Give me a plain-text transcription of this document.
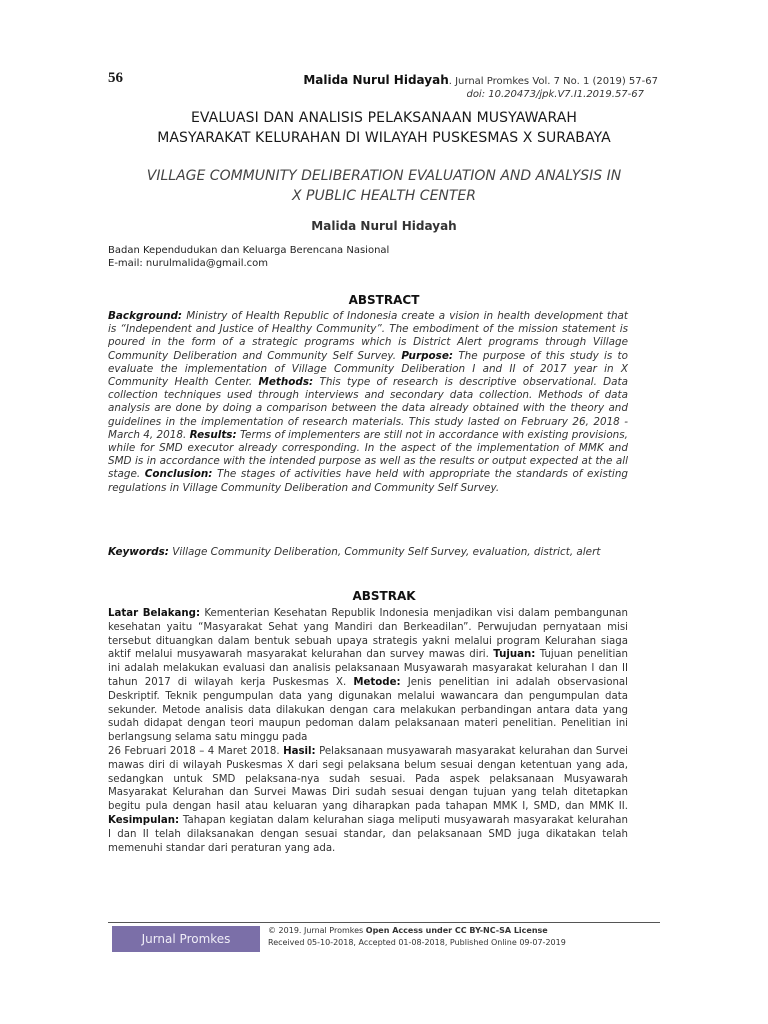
56	Malida Nurul Hidayah. Jurnal Promkes Vol. 7 No. 1 (2019) 57-67
doi: 10.20473/jpk.V7.I1.2019.57-67
EVALUASI DAN ANALISIS PELAKSANAAN MUSYAWARAH
MASYARAKAT KELURAHAN DI WILAYAH PUSKESMAS X SURABAYA
VILLAGE COMMUNITY DELIBERATION EVALUATION AND ANALYSIS IN
X PUBLIC HEALTH CENTER
Malida Nurul Hidayah
Badan Kependudukan dan Keluarga Berencana Nasional
E-mail: nurulmalida@gmail.com
ABSTRACT
Background: Ministry of Health Republic of Indonesia create a vision in health development that is “Independent and Justice of Healthy Community”. The embodiment of the mission statement is poured in the form of a strategic programs which is District Alert programs through Village Community Deliberation and Community Self Survey. Purpose: The purpose of this study is to evaluate the implementation of Village Community Deliberation I and II of 2017 year in X Community Health Center. Methods: This type of research is descriptive observational. Data collection techniques used through interviews and secondary data collection. Methods of data analysis are done by doing a comparison between the data already obtained with the theory and guidelines in the implementation of research materials. This study lasted on February 26, 2018 - March 4, 2018. Results: Terms of implementers are still not in accordance with existing provisions, while for SMD executor already corresponding. In the aspect of the implementation of MMK and SMD is in accordance with the intended purpose as well as the results or output expected at the all stage. Conclusion: The stages of activities have held with appropriate the standards of existing regulations in Village Community Deliberation and Community Self Survey.
Keywords: Village Community Deliberation, Community Self Survey, evaluation, district, alert
ABSTRAK
Latar Belakang: Kementerian Kesehatan Republik Indonesia menjadikan visi dalam pembangunan kesehatan yaitu “Masyarakat Sehat yang Mandiri dan Berkeadilan”. Perwujudan pernyataan misi tersebut dituangkan dalam bentuk sebuah upaya strategis yakni melalui program Kelurahan siaga aktif melalui musyawarah masyarakat kelurahan dan survey mawas diri. Tujuan: Tujuan penelitian ini adalah melakukan evaluasi dan analisis pelaksanaan Musyawarah masyarakat kelurahan I dan II tahun 2017 di wilayah kerja Puskesmas X. Metode: Jenis penelitian ini adalah observasional Deskriptif. Teknik pengumpulan data yang digunakan melalui wawancara dan pengumpulan data sekunder. Metode analisis data dilakukan dengan cara melakukan perbandingan antara data yang sudah didapat dengan teori maupun pedoman dalam pelaksanaan materi penelitian. Penelitian ini berlangsung selama satu minggu pada
26 Februari 2018 – 4 Maret 2018. Hasil: Pelaksanaan musyawarah masyarakat kelurahan dan Survei mawas diri di wilayah Puskesmas X dari segi pelaksana belum sesuai dengan ketentuan yang ada, sedangkan untuk SMD pelaksana-nya sudah sesuai. Pada aspek pelaksanaan Musyawarah Masyarakat Kelurahan dan Survei Mawas Diri sudah sesuai dengan tujuan yang telah ditetapkan begitu pula dengan hasil atau keluaran yang diharapkan pada tahapan MMK I, SMD, dan MMK II. Kesimpulan: Tahapan kegiatan dalam kelurahan siaga meliputi musyawarah masyarakat kelurahan I dan II telah dilaksanakan dengan sesuai standar, dan pelaksanaan SMD juga dikatakan telah memenuhi standar dari peraturan yang ada.
Jurnal Promkes
© 2019. Jurnal Promkes Open Access under CC BY-NC-SA License
Received 05-10-2018, Accepted 01-08-2018, Published Online 09-07-2019
